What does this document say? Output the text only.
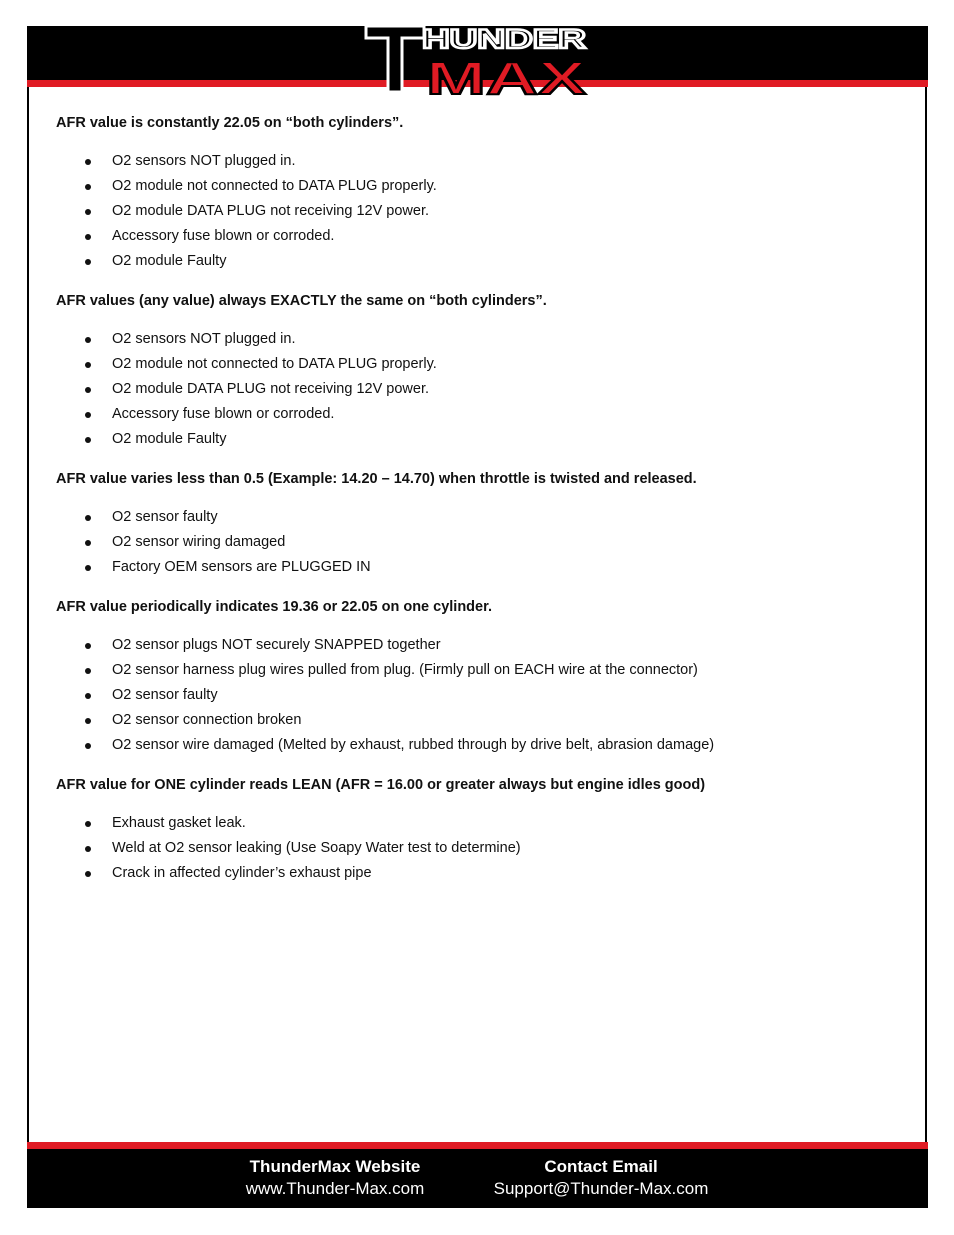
HUNDER
MAX
AFR value is constantly 22.05 on “both cylinders”.
O2 sensors NOT plugged in.
O2 module not connected to DATA PLUG properly.
O2 module DATA PLUG not receiving 12V power.
Accessory fuse blown or corroded.
O2 module Faulty
AFR values (any value) always EXACTLY the same on “both cylinders”.
O2 sensors NOT plugged in.
O2 module not connected to DATA PLUG properly.
O2 module DATA PLUG not receiving 12V power.
Accessory fuse blown or corroded.
O2 module Faulty
AFR value varies less than 0.5 (Example: 14.20 – 14.70) when throttle is twisted and released.
O2 sensor faulty
O2 sensor wiring damaged
Factory OEM sensors are PLUGGED IN
AFR value periodically indicates 19.36 or 22.05 on one cylinder.
O2 sensor plugs NOT securely SNAPPED together
O2 sensor harness plug wires pulled from plug. (Firmly pull on EACH wire at the connector)
O2 sensor faulty
O2 sensor connection broken
O2 sensor wire damaged (Melted by exhaust, rubbed through by drive belt, abrasion damage)
AFR value for ONE cylinder reads LEAN (AFR = 16.00 or greater always but engine idles good)
Exhaust gasket leak.
Weld at O2 sensor leaking (Use Soapy Water test to determine)
Crack in affected cylinder’s exhaust pipe
ThunderMax Website
www.Thunder-Max.com
Contact Email
Support@Thunder-Max.com
